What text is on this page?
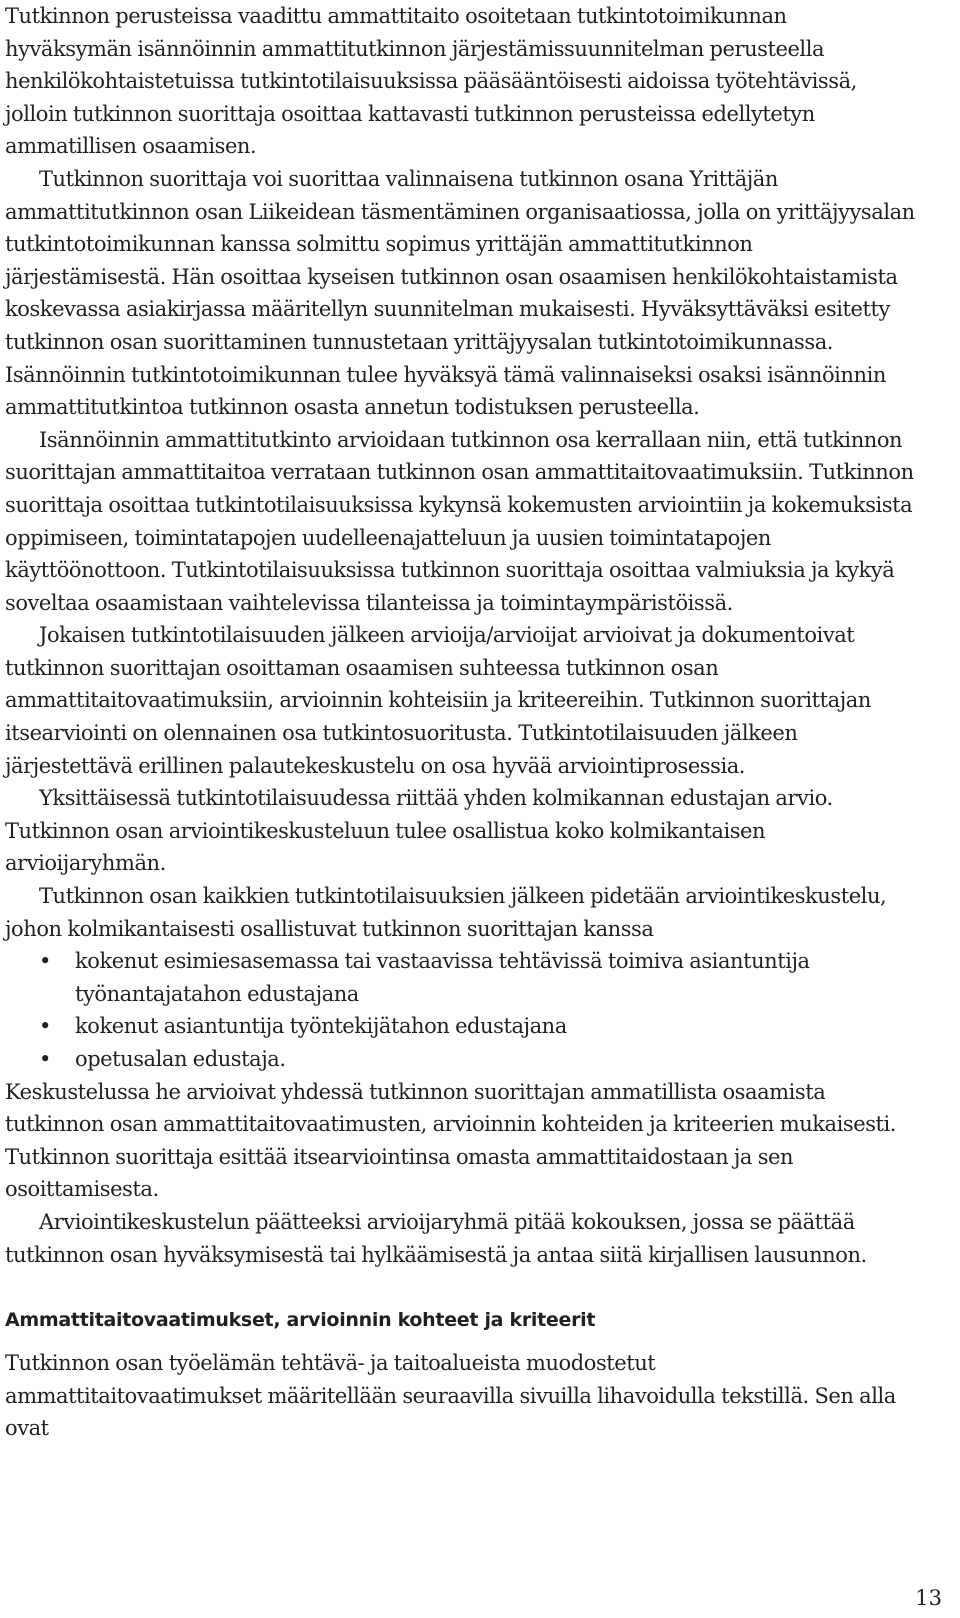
Tutkinnon perusteissa vaadittu ammattitaito osoitetaan tutkintotoimikunnan hyväksymän isännöinnin ammattitutkinnon järjestämissuunnitelman perusteella henkilökohtaistetuissa tutkintotilaisuuksissa pääsääntöisesti aidoissa työtehtävissä, jolloin tutkinnon suorittaja osoittaa kattavasti tutkinnon perusteissa edellytetyn ammatillisen osaamisen.

Tutkinnon suorittaja voi suorittaa valinnaisena tutkinnon osana Yrittäjän ammattitutkinnon osan Liikeidean täsmentäminen organisaatiossa, jolla on yrittäjyysalan tutkintotoimikunnan kanssa solmittu sopimus yrittäjän ammattitutkinnon järjestämisestä. Hän osoittaa kyseisen tutkinnon osan osaamisen henkilökohtaistamista koskevassa asiakirjassa määritellyn suunnitelman mukaisesti. Hyväksyttäväksi esitetty tutkinnon osan suorittaminen tunnustetaan yrittäjyysalan tutkintotoimikunnassa. Isännöinnin tutkintotoimikunnan tulee hyväksyä tämä valinnaiseksi osaksi isännöinnin ammattitutkintoa tutkinnon osasta annetun todistuksen perusteella.

Isännöinnin ammattitutkinto arvioidaan tutkinnon osa kerrallaan niin, että tutkinnon suorittajan ammattitaitoa verrataan tutkinnon osan ammattitaitovaatimuksiin. Tutkinnon suorittaja osoittaa tutkintotilaisuuksissa kykynsä kokemusten arviointiin ja kokemuksista oppimiseen, toimintatapojen uudelleenajatteluun ja uusien toimintatapojen käyttöönottoon. Tutkintotilaisuuksissa tutkinnon suorittaja osoittaa valmiuksia ja kykyä soveltaa osaamistaan vaihtelevissa tilanteissa ja toimintaympäristöissä.

Jokaisen tutkintotilaisuuden jälkeen arvioija/arvioijat arvioivat ja dokumentoivat tutkinnon suorittajan osoittaman osaamisen suhteessa tutkinnon osan ammattitaitovaatimuksiin, arvioinnin kohteisiin ja kriteereihin. Tutkinnon suorittajan itsearviointi on olennainen osa tutkintosuoritusta. Tutkintotilaisuuden jälkeen järjestettävä erillinen palautekeskustelu on osa hyvää arviointiprosessia.

Yksittäisessä tutkintotilaisuudessa riittää yhden kolmikannan edustajan arvio. Tutkinnon osan arviointikeskusteluun tulee osallistua koko kolmikantaisen arvioijaryhmän.

Tutkinnon osan kaikkien tutkintotilaisuuksien jälkeen pidetään arviointikeskustelu, johon kolmikantaisesti osallistuvat tutkinnon suorittajan kanssa

• kokenut esimiesasemassa tai vastaavissa tehtävissä toimiva asiantuntija työnantajatahon edustajana
• kokenut asiantuntija työntekijätahon edustajana
• opetusalan edustaja.

Keskustelussa he arvioivat yhdessä tutkinnon suorittajan ammatillista osaamista tutkinnon osan ammattitaitovaatimusten, arvioinnin kohteiden ja kriteerien mukaisesti. Tutkinnon suorittaja esittää itsearviointinsa omasta ammattitaidostaan ja sen osoittamisesta.

Arviointikeskustelun päätteeksi arvioijaryhmä pitää kokouksen, jossa se päättää tutkinnon osan hyväksymisestä tai hylkäämisestä ja antaa siitä kirjallisen lausunnon.

Ammattitaitovaatimukset, arvioinnin kohteet ja kriteerit

Tutkinnon osan työelämän tehtävä- ja taitoalueista muodostetut ammattitaitovaatimukset määritellään seuraavilla sivuilla lihavoidulla tekstillä. Sen alla ovat

13
